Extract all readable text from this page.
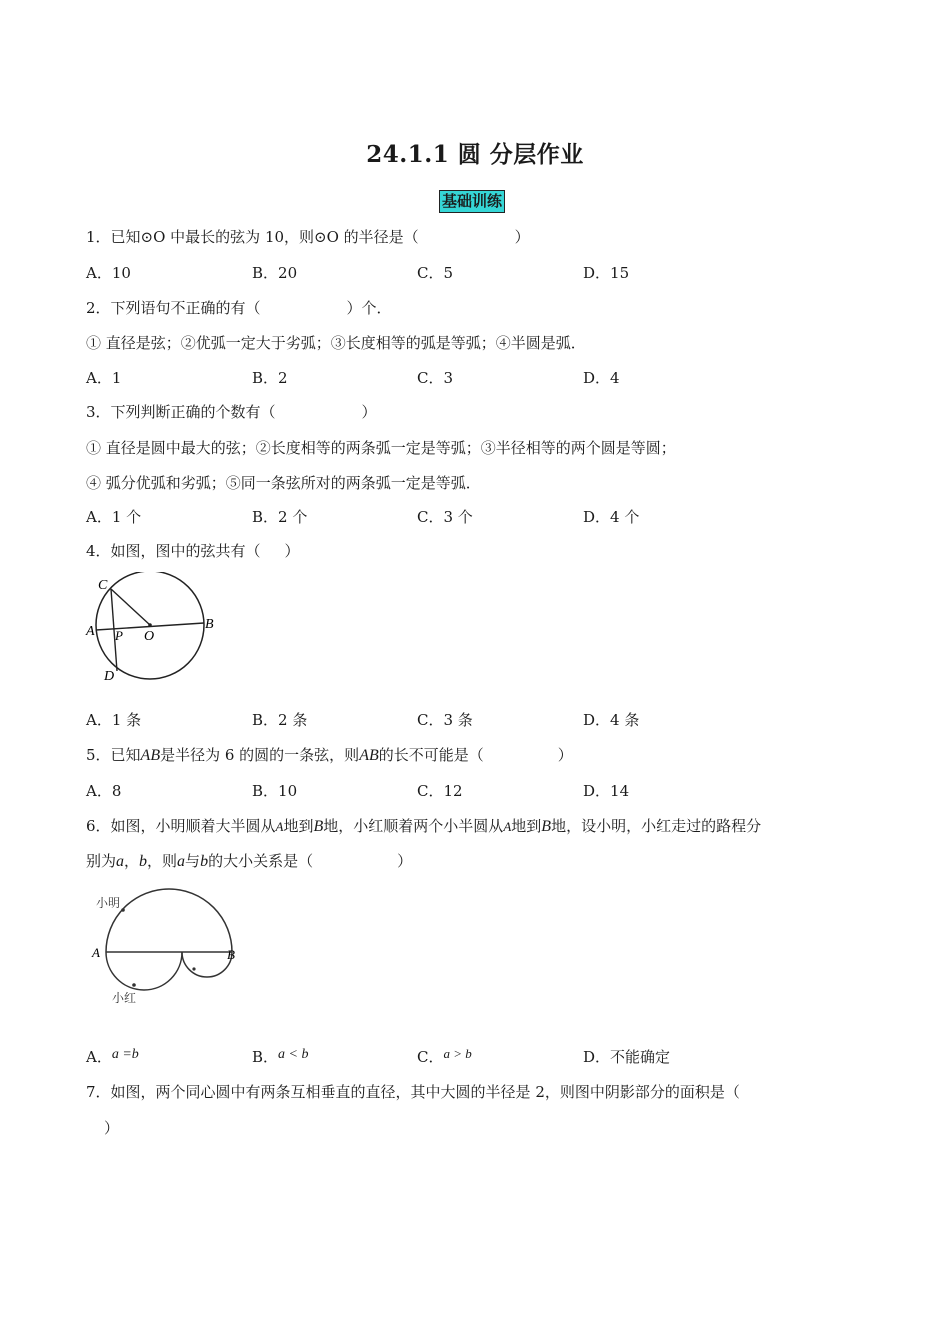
24.1.1 圆 分层作业
基础训练
1．已知⊙O 中最长的弦为 10，则⊙O 的半径是（	）
A．10	B．20	C．5	D．15
2．下列语句不正确的有（	）个．
① 直径是弦；②优弧一定大于劣弧；③长度相等的弧是等弧；④半圆是弧．
A．1	B．2	C．3	D．4
3．下列判断正确的个数有（	）
① 直径是圆中最大的弦；②长度相等的两条弧一定是等弧；③半径相等的两个圆是等圆；
④ 弧分优弧和劣弧；⑤同一条弦所对的两条弧一定是等弧．
A．1 个	B．2 个	C．3 个	D．4 个
4．如图，图中的弦共有（ ）
C
A P O
B
D
A．1 条	B．2 条	C．3 条	D．4 条
5．已知AB是半径为 6 的圆的一条弦，则AB的长不可能是（	）
A．8	B．10	C．12	D．14
6．如图，小明顺着大半圆从A地到B地，小红顺着两个小半圆从A地到B地，设小明，小红走过的路程分
别为a，b，则a与b的大小关系是（	）
小明
A	B
小红
A．a =b	B．a < b	C．a > b	D．不能确定
7．如图，两个同心圆中有两条互相垂直的直径，其中大圆的半径是 2，则图中阴影部分的面积是（
）
